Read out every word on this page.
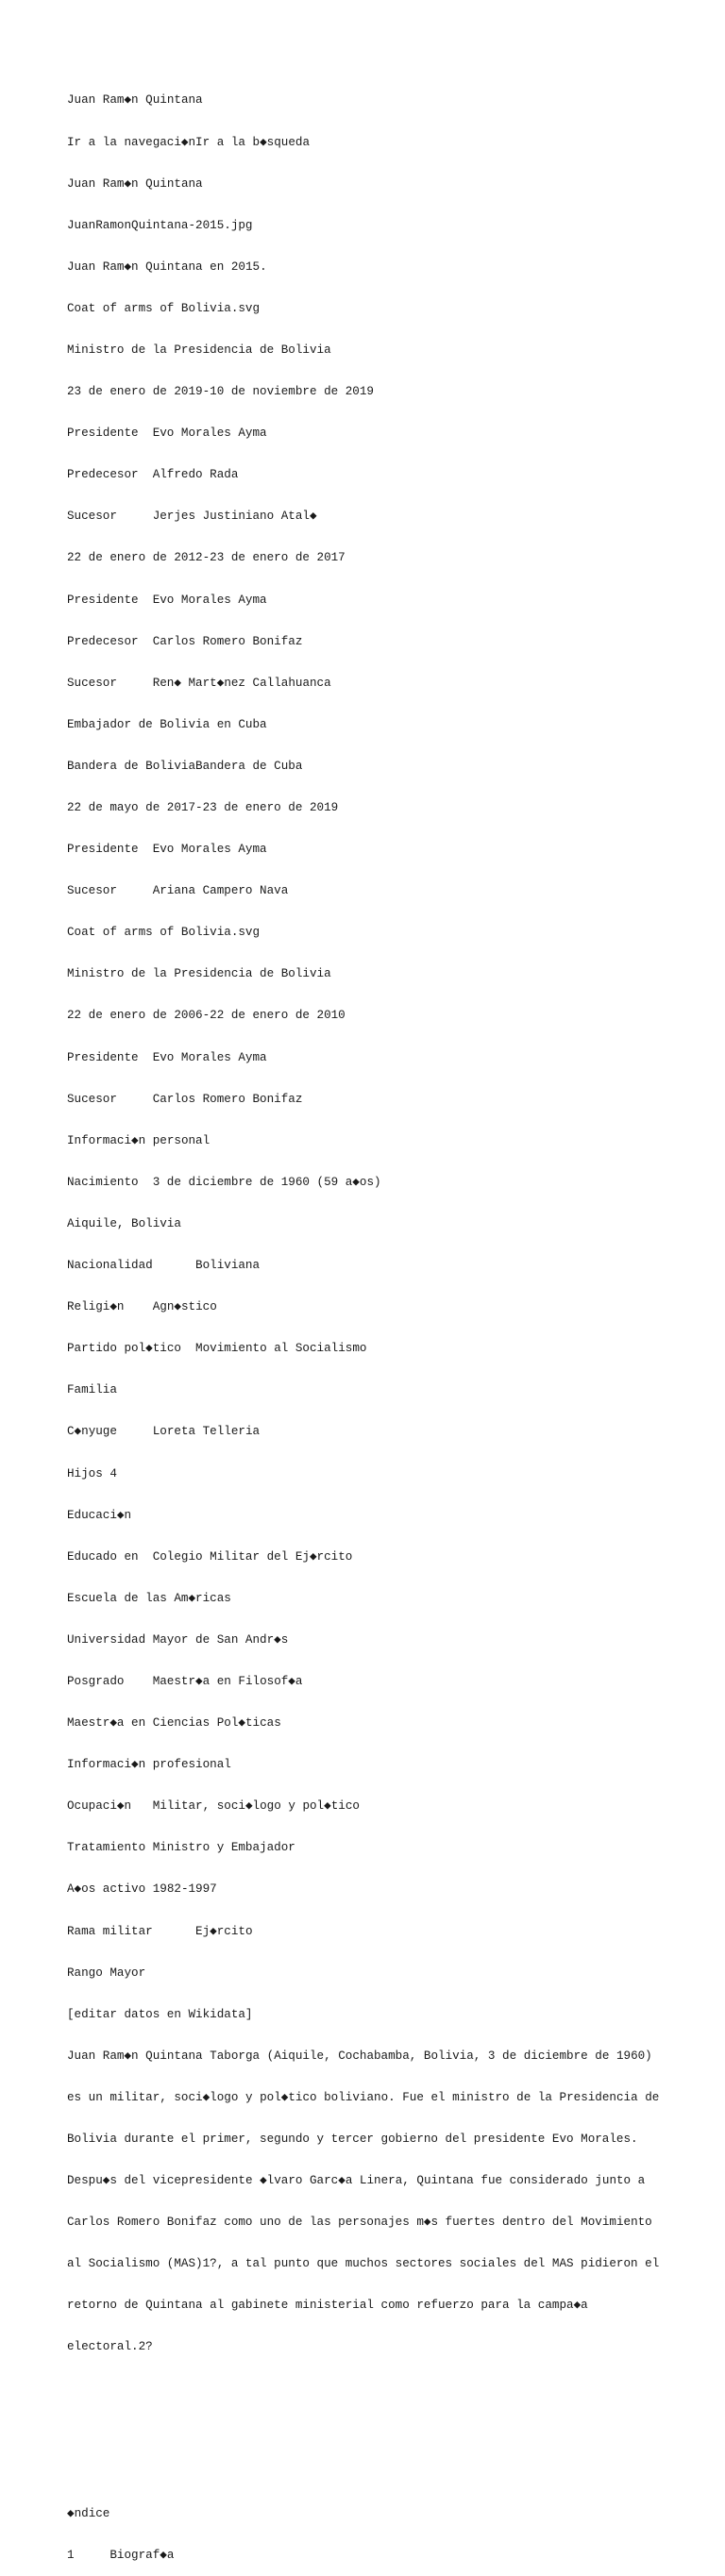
Juan Ram◆n Quintana

Ir a la navegaci◆nIr a la b◆squeda

Juan Ram◆n Quintana

JuanRamonQuintana-2015.jpg

Juan Ram◆n Quintana en 2015.

Coat of arms of Bolivia.svg

Ministro de la Presidencia de Bolivia

23 de enero de 2019-10 de noviembre de 2019

Presidente  Evo Morales Ayma

Predecesor  Alfredo Rada

Sucesor     Jerjes Justiniano Atal◆

22 de enero de 2012-23 de enero de 2017

Presidente  Evo Morales Ayma

Predecesor  Carlos Romero Bonifaz

Sucesor     Ren◆ Mart◆nez Callahuanca

Embajador de Bolivia en Cuba

Bandera de BoliviaBandera de Cuba

22 de mayo de 2017-23 de enero de 2019

Presidente  Evo Morales Ayma

Sucesor     Ariana Campero Nava

Coat of arms of Bolivia.svg

Ministro de la Presidencia de Bolivia

22 de enero de 2006-22 de enero de 2010

Presidente  Evo Morales Ayma

Sucesor     Carlos Romero Bonifaz

Informaci◆n personal

Nacimiento  3 de diciembre de 1960 (59 a◆os)

Aiquile, Bolivia

Nacionalidad      Boliviana

Religi◆n    Agn◆stico

Partido pol◆tico  Movimiento al Socialismo

Familia

C◆nyuge     Loreta Telleria

Hijos 4

Educaci◆n

Educado en  Colegio Militar del Ej◆rcito

Escuela de las Am◆ricas

Universidad Mayor de San Andr◆s

Posgrado    Maestr◆a en Filosof◆a

Maestr◆a en Ciencias Pol◆ticas

Informaci◆n profesional

Ocupaci◆n   Militar, soci◆logo y pol◆tico

Tratamiento Ministro y Embajador

A◆os activo 1982-1997

Rama militar      Ej◆rcito

Rango Mayor

[editar datos en Wikidata]

Juan Ram◆n Quintana Taborga (Aiquile, Cochabamba, Bolivia, 3 de diciembre de 1960)

es un militar, soci◆logo y pol◆tico boliviano. Fue el ministro de la Presidencia de

Bolivia durante el primer, segundo y tercer gobierno del presidente Evo Morales.

Despu◆s del vicepresidente ◆lvaro Garc◆a Linera, Quintana fue considerado junto a

Carlos Romero Bonifaz como uno de las personajes m◆s fuertes dentro del Movimiento

al Socialismo (MAS)1?, a tal punto que muchos sectores sociales del MAS pidieron el

retorno de Quintana al gabinete ministerial como refuerzo para la campa◆a

electoral.2?

◆ndice

1     Biograf◆a
